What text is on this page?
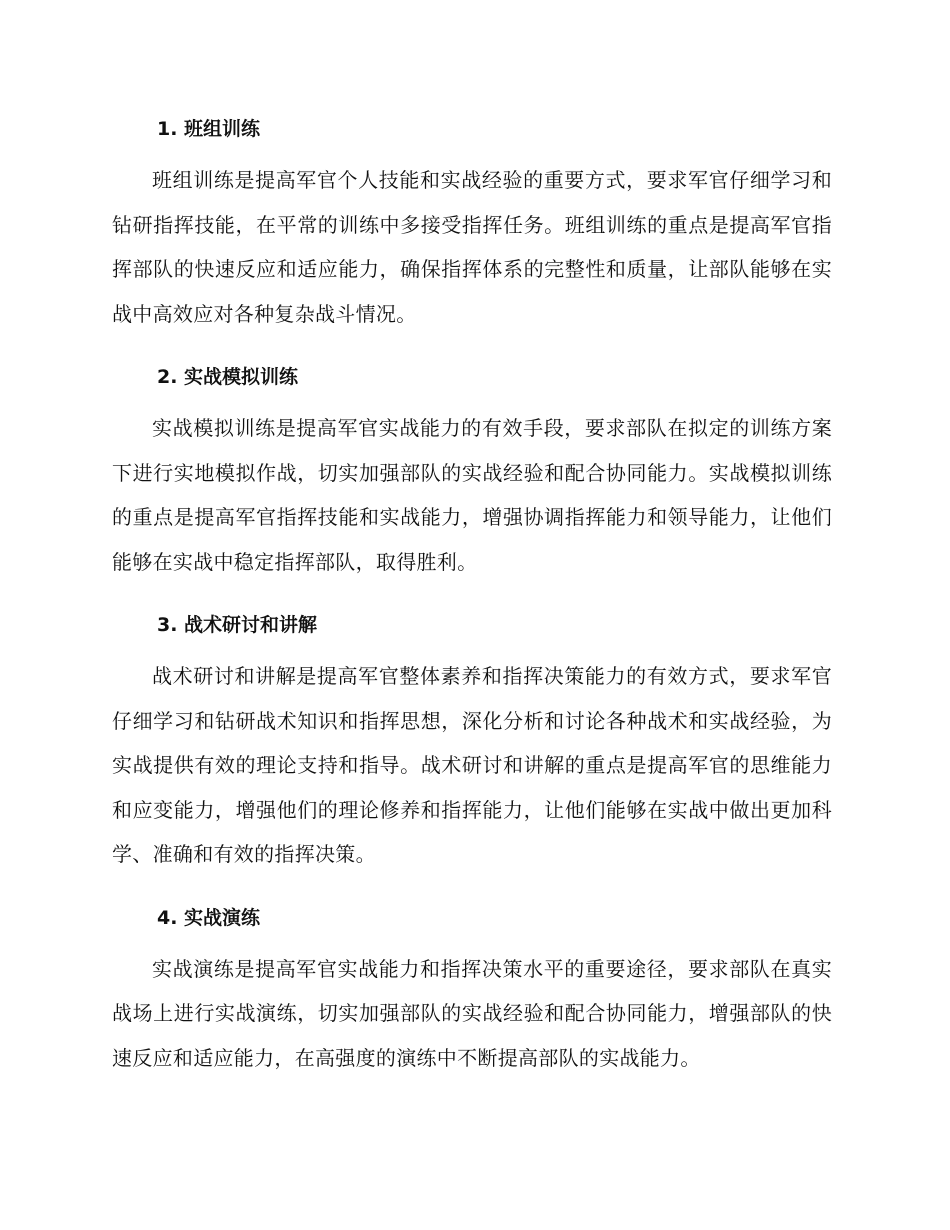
1. 班组训练

班组训练是提高军官个人技能和实战经验的重要方式，要求军官仔细学习和钻研指挥技能，在平常的训练中多接受指挥任务。班组训练的重点是提高军官指挥部队的快速反应和适应能力，确保指挥体系的完整性和质量，让部队能够在实战中高效应对各种复杂战斗情况。

2. 实战模拟训练

实战模拟训练是提高军官实战能力的有效手段，要求部队在拟定的训练方案下进行实地模拟作战，切实加强部队的实战经验和配合协同能力。实战模拟训练的重点是提高军官指挥技能和实战能力，增强协调指挥能力和领导能力，让他们能够在实战中稳定指挥部队，取得胜利。

3. 战术研讨和讲解

战术研讨和讲解是提高军官整体素养和指挥决策能力的有效方式，要求军官仔细学习和钻研战术知识和指挥思想，深化分析和讨论各种战术和实战经验，为实战提供有效的理论支持和指导。战术研讨和讲解的重点是提高军官的思维能力和应变能力，增强他们的理论修养和指挥能力，让他们能够在实战中做出更加科学、准确和有效的指挥决策。

4. 实战演练

实战演练是提高军官实战能力和指挥决策水平的重要途径，要求部队在真实战场上进行实战演练，切实加强部队的实战经验和配合协同能力，增强部队的快速反应和适应能力，在高强度的演练中不断提高部队的实战能力。
